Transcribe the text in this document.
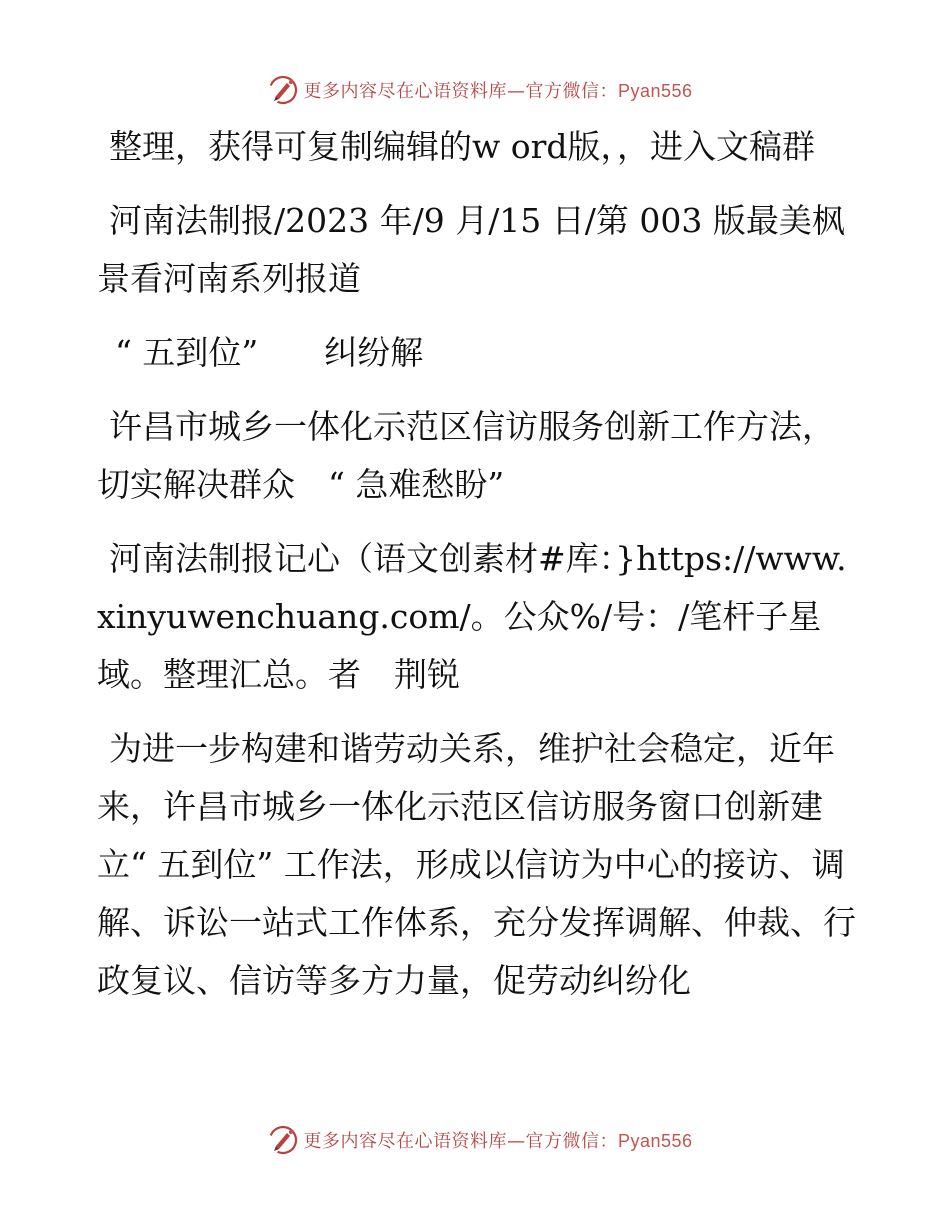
更多内容尽在心语资料库—官方微信：Pyan556

整理，获得可复制编辑的w ord版，，进入文稿群

河南法制报/2023 年/9 月/15 日/第 003 版最美枫景看河南系列报道

“ 五到位”　　纠纷解

许昌市城乡一体化示范区信访服务创新工作方法，　切实解决群众　“ 急难愁盼”

河南法制报记心（语文创素材#库：}https://www.xinyuwenchuang.com/。公众%/号：/笔杆子星域。整理汇总。者　荆锐

为进一步构建和谐劳动关系，维护社会稳定，近年来，许昌市城乡一体化示范区信访服务窗口创新建立“ 五到位” 工作法，形成以信访为中心的接访、调解、诉讼一站式工作体系，充分发挥调解、仲裁、行政复议、信访等多方力量，促劳动纠纷化

更多内容尽在心语资料库—官方微信：Pyan556
